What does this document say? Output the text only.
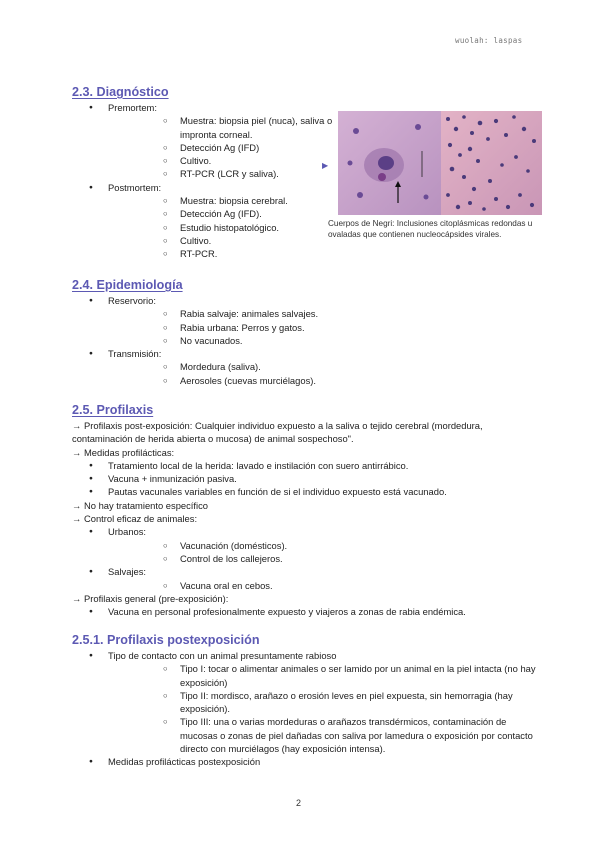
wuolah: laspas
2.3. Diagnóstico
● Premortem:
○ Muestra: biopsia piel (nuca), saliva o impronta corneal.
○ Detección Ag (IFD)
○ Cultivo.
○ RT-PCR (LCR y saliva).
● Postmortem:
○ Muestra: biopsia cerebral.
○ Detección Ag (IFD).
○ Estudio histopatológico.
○ Cultivo.
○ RT-PCR.
2.4. Epidemiología
● Reservorio:
○ Rabia salvaje: animales salvajes.
○ Rabia urbana: Perros y gatos.
○ No vacunados.
● Transmisión:
○ Mordedura (saliva).
○ Aerosoles (cuevas murciélagos).
2.5. Profilaxis
→ Profilaxis post-exposición: Cualquier individuo expuesto a la saliva o tejido cerebral (mordedura, contaminación de herida abierta o mucosa) de animal sospechoso".
→ Medidas profilácticas:
● Tratamiento local de la herida: lavado e instilación con suero antirrábico.
● Vacuna + inmunización pasiva.
● Pautas vacunales variables en función de si el individuo expuesto está vacunado.
→ No hay tratamiento específico
→ Control eficaz de animales:
● Urbanos:
○ Vacunación (domésticos).
○ Control de los callejeros.
● Salvajes:
○ Vacuna oral en cebos.
→ Profilaxis general (pre-exposición):
● Vacuna en personal profesionalmente expuesto y viajeros a zonas de rabia endémica.
2.5.1. Profilaxis postexposición
● Tipo de contacto con un animal presuntamente rabioso
○ Tipo I: tocar o alimentar animales o ser lamido por un animal en la piel intacta (no hay exposición)
○ Tipo II: mordisco, arañazo o erosión leves en piel expuesta, sin hemorragia (hay exposición).
○ Tipo III: una o varias mordeduras o arañazos transdérmicos, contaminación de mucosas o zonas de piel dañadas con saliva por lamedura o exposición por contacto directo con murciélagos (hay exposición intensa).
● Medidas profilácticas postexposición
▶
Cuerpos de Negri: Inclusiones citoplásmicas redondas u ovaladas que contienen nucleocápsides virales.
2
